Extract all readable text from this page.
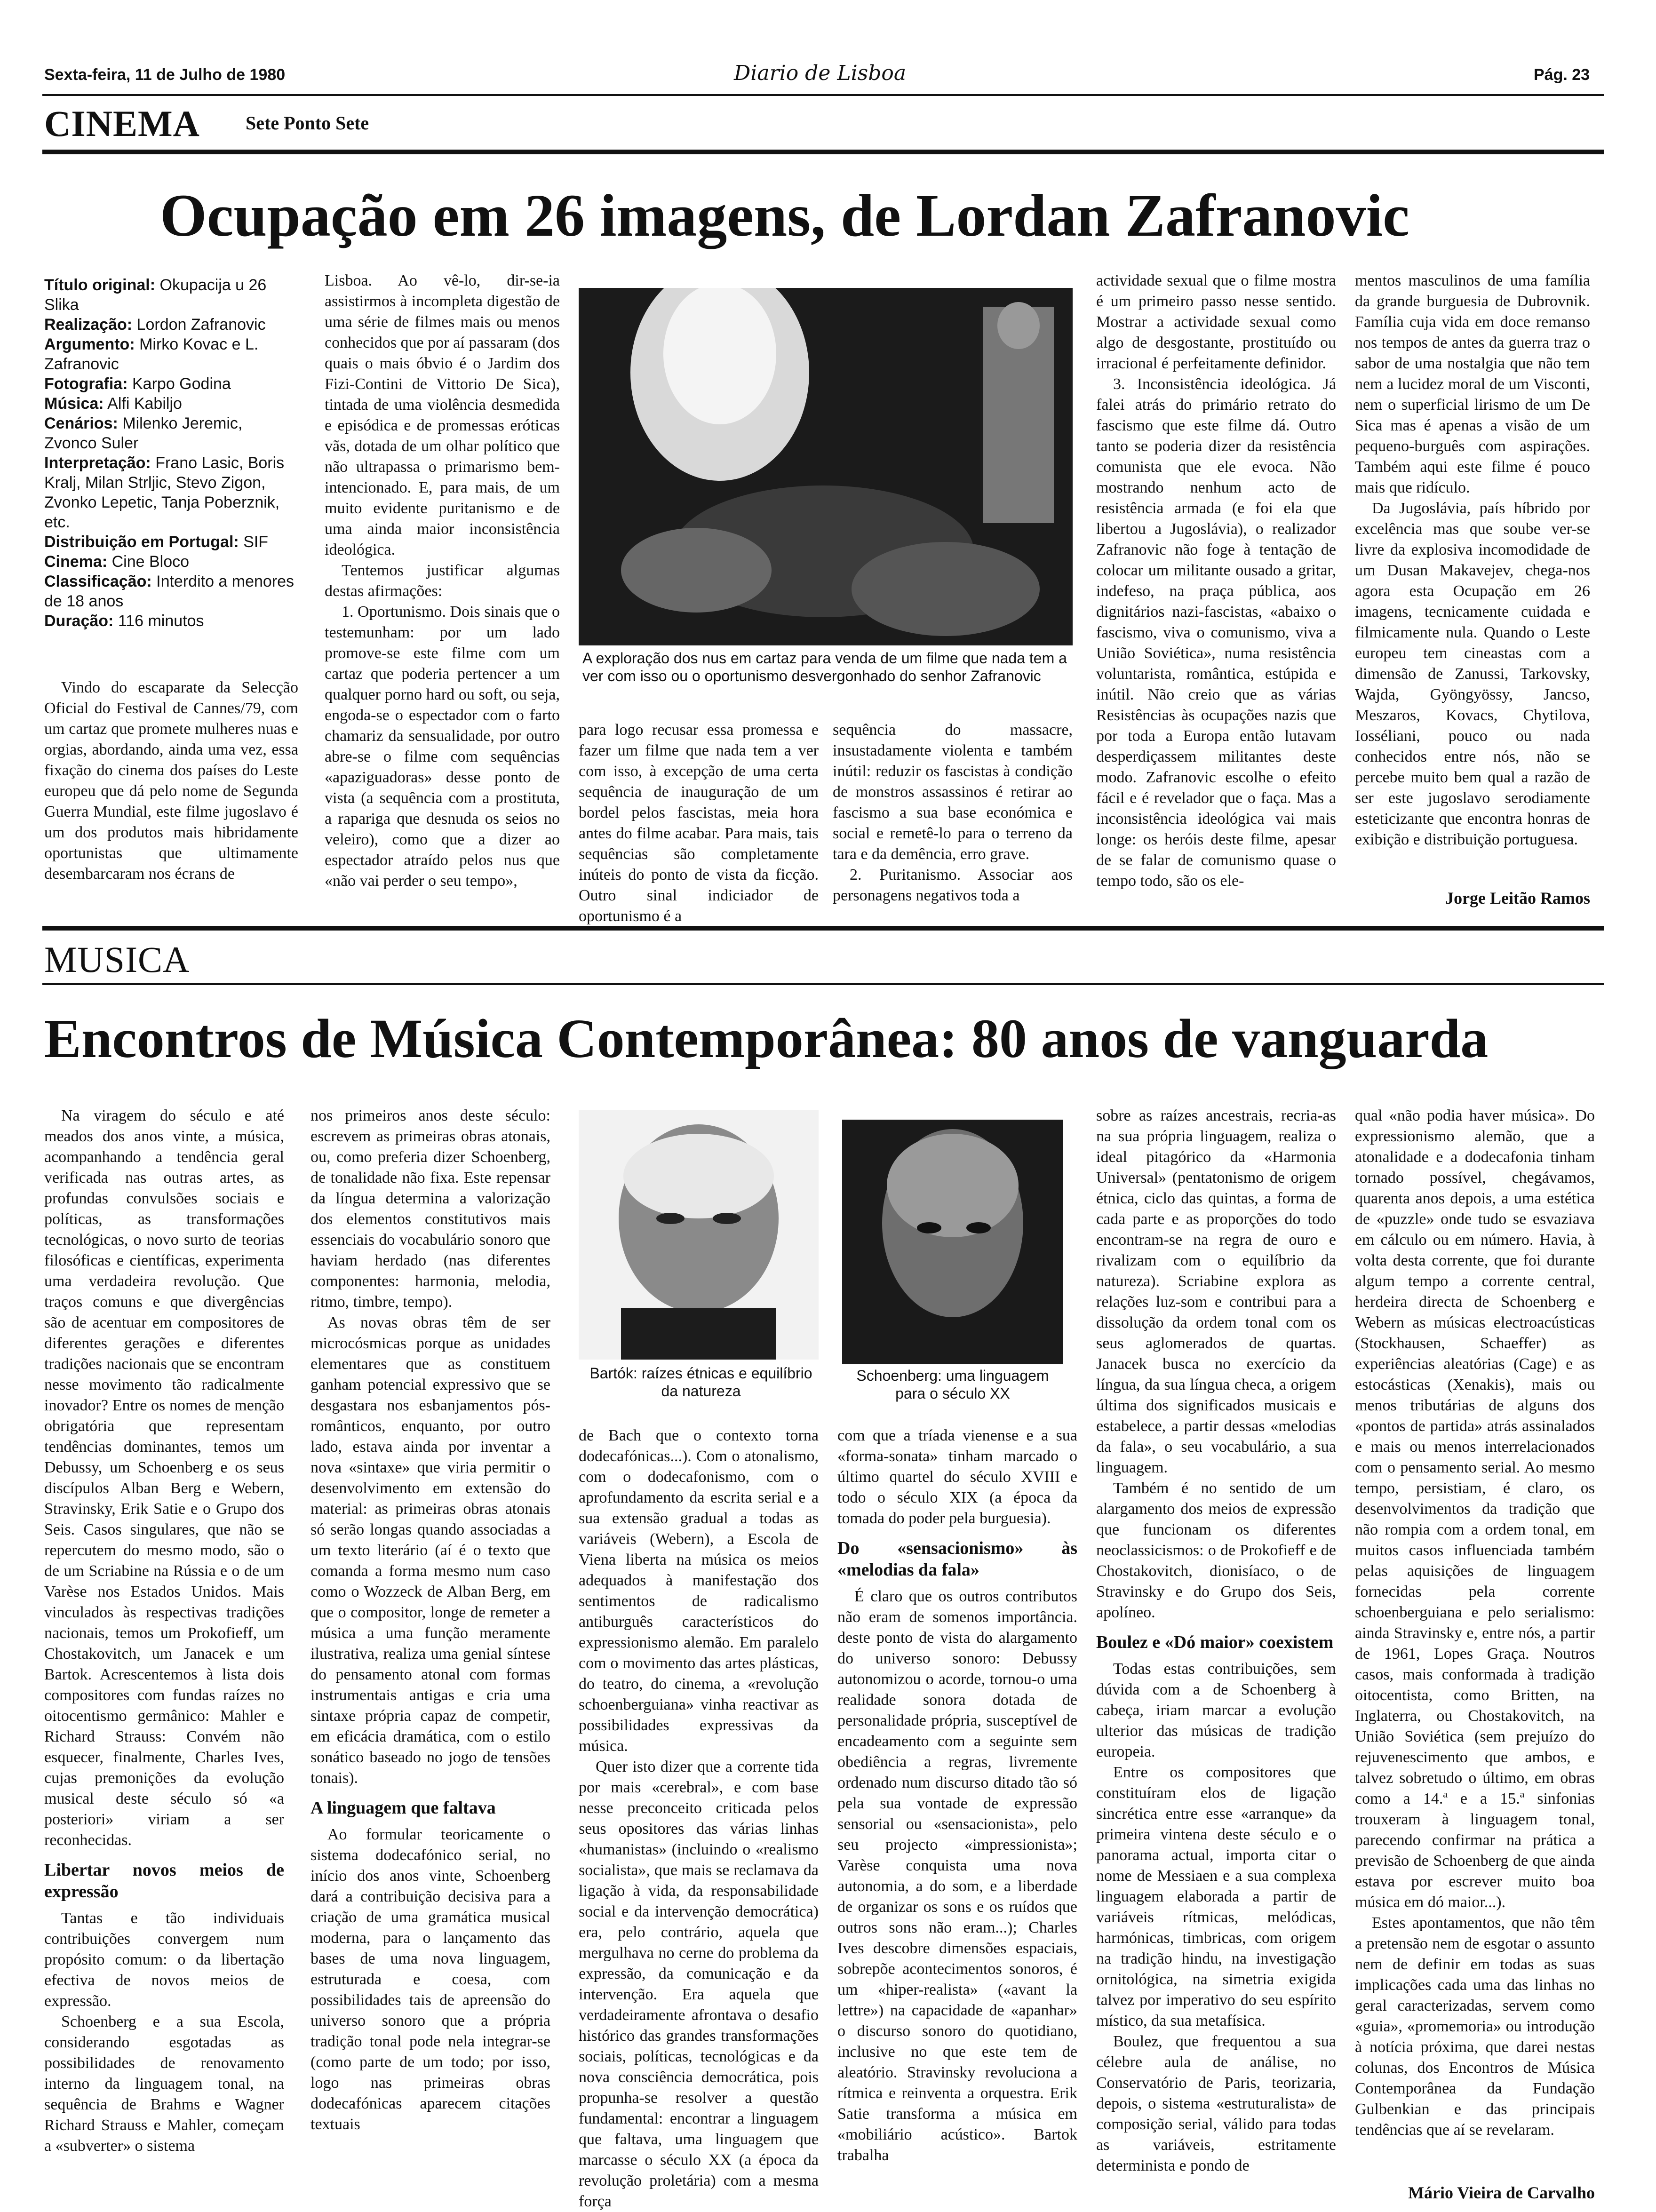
Sexta-feira, 11 de Julho de 1980	Diario de Lisboa	Pág. 23
CINEMA Sete Ponto Sete
Ocupação em 26 imagens, de Lordan Zafranovic
Título original: Okupacija u 26 Slika
Realização: Lordon Zafranovic
Argumento: Mirko Kovac e L. Zafranovic
Fotografia: Karpo Godina
Música: Alfi Kabiljo
Cenários: Milenko Jeremic, Zvonco Suler
Interpretação: Frano Lasic, Boris Kralj, Milan Strljic, Stevo Zigon, Zvonko Lepetic, Tanja Poberznik, etc.
Distribuição em Portugal: SIF
Cinema: Cine Bloco
Classificação: Interdito a menores de 18 anos
Duração: 116 minutos

Vindo do escaparate da Selecção Oficial do Festival de Cannes/79, com um cartaz que promete mulheres nuas e orgias, abordando, ainda uma vez, essa fixação do cinema dos países do Leste europeu que dá pelo nome de Segunda Guerra Mundial, este filme jugoslavo é um dos produtos mais hibridamente oportunistas que ultimamente desembarcaram nos écrans de

Lisboa. Ao vê-lo, dir-se-ia assistirmos à incompleta digestão de uma série de filmes mais ou menos conhecidos que por aí passaram (dos quais o mais óbvio é o Jardim dos Fizi-Contini de Vittorio De Sica), tintada de uma violência desmedida e episódica e de promessas eróticas vãs, dotada de um olhar político que não ultrapassa o primarismo bem-intencionado. E, para mais, de um muito evidente puritanismo e de uma ainda maior inconsistência ideológica.

Tentemos justificar algumas destas afirmações:

1. Oportunismo. Dois sinais que o testemunham: por um lado promove-se este filme com um cartaz que poderia pertencer a um qualquer porno hard ou soft, ou seja, engoda-se o espectador com o farto chamariz da sensualidade, por outro abre-se o filme com sequências «apaziguadoras» desse ponto de vista (a sequência com a prostituta, a rapariga que desnuda os seios no veleiro), como que a dizer ao espectador atraído pelos nus que «não vai perder o seu tempo»,

A exploração dos nus em cartaz para venda de um filme que nada tem a ver com isso ou o oportunismo desvergonhado do senhor Zafranovic

para logo recusar essa promessa e fazer um filme que nada tem a ver com isso, à excepção de uma certa sequência de inauguração de um bordel pelos fascistas, meia hora antes do filme acabar. Para mais, tais sequências são completamente inúteis do ponto de vista da ficção. Outro sinal indiciador de oportunismo é a

sequência do massacre, insustadamente violenta e também inútil: reduzir os fascistas à condição de monstros assassinos é retirar ao fascismo a sua base económica e social e remetê-lo para o terreno da tara e da demência, erro grave.

2. Puritanismo. Associar aos personagens negativos toda a

actividade sexual que o filme mostra é um primeiro passo nesse sentido. Mostrar a actividade sexual como algo de desgostante, prostituído ou irracional é perfeitamente definidor.

3. Inconsistência ideológica. Já falei atrás do primário retrato do fascismo que este filme dá. Outro tanto se poderia dizer da resistência comunista que ele evoca. Não mostrando nenhum acto de resistência armada (e foi ela que libertou a Jugoslávia), o realizador Zafranovic não foge à tentação de colocar um militante ousado a gritar, indefeso, na praça pública, aos dignitários nazi-fascistas, «abaixo o fascismo, viva o comunismo, viva a União Soviética», numa resistência voluntarista, romântica, estúpida e inútil. Não creio que as várias Resistências às ocupações nazis que por toda a Europa então lutavam desperdiçassem militantes deste modo. Zafranovic escolhe o efeito fácil e é revelador que o faça. Mas a inconsistência ideológica vai mais longe: os heróis deste filme, apesar de se falar de comunismo quase o tempo todo, são os ele-

mentos masculinos de uma família da grande burguesia de Dubrovnik. Família cuja vida em doce remanso nos tempos de antes da guerra traz o sabor de uma nostalgia que não tem nem a lucidez moral de um Visconti, nem o superficial lirismo de um De Sica mas é apenas a visão de um pequeno-burguês com aspirações. Também aqui este filme é pouco mais que ridículo.

Da Jugoslávia, país híbrido por excelência mas que soube ver-se livre da explosiva incomodidade de um Dusan Makavejev, chega-nos agora esta Ocupação em 26 imagens, tecnicamente cuidada e filmicamente nula. Quando o Leste europeu tem cineastas com a dimensão de Zanussi, Tarkovsky, Wajda, Gyöngyössy, Jancso, Meszaros, Kovacs, Chytilova, Iosséliani, pouco ou nada conhecidos entre nós, não se percebe muito bem qual a razão de ser este jugoslavo serodiamente esteticizante que encontra honras de exibição e distribuição portuguesa.

Jorge Leitão Ramos
MUSICA
Encontros de Música Contemporânea: 80 anos de vanguarda

Na viragem do século e até meados dos anos vinte, a música, acompanhando a tendência geral verificada nas outras artes, as profundas convulsões sociais e políticas, as transformações tecnológicas, o novo surto de teorias filosóficas e científicas, experimenta uma verdadeira revolução. Que traços comuns e que divergências são de acentuar em compositores de diferentes gerações e diferentes tradições nacionais que se encontram nesse movimento tão radicalmente inovador? Entre os nomes de menção obrigatória que representam tendências dominantes, temos um Debussy, um Schoenberg e os seus discípulos Alban Berg e Webern, Stravinsky, Erik Satie e o Grupo dos Seis. Casos singulares, que não se repercutem do mesmo modo, são o de um Scriabine na Rússia e o de um Varèse nos Estados Unidos. Mais vinculados às respectivas tradições nacionais, temos um Prokofieff, um Chostakovitch, um Janacek e um Bartok. Acrescentemos à lista dois compositores com fundas raízes no oitocentismo germânico: Mahler e Richard Strauss: Convém não esquecer, finalmente, Charles Ives, cujas premonições da evolução musical deste século só «a posteriori» viriam a ser reconhecidas.

Libertar novos meios de expressão

Tantas e tão individuais contribuições convergem num propósito comum: o da libertação efectiva de novos meios de expressão.

Schoenberg e a sua Escola, considerando esgotadas as possibilidades de renovamento interno da linguagem tonal, na sequência de Brahms e Wagner Richard Strauss e Mahler, começam a «subverter» o sistema

nos primeiros anos deste século: escrevem as primeiras obras atonais, ou, como preferia dizer Schoenberg, de tonalidade não fixa. Este repensar da língua determina a valorização dos elementos constitutivos mais essenciais do vocabulário sonoro que haviam herdado (nas diferentes componentes: harmonia, melodia, ritmo, timbre, tempo).

As novas obras têm de ser microcósmicas porque as unidades elementares que as constituem ganham potencial expressivo que se desgastara nos esbanjamentos pós-românticos, enquanto, por outro lado, estava ainda por inventar a nova «sintaxe» que viria permitir o desenvolvimento em extensão do material: as primeiras obras atonais só serão longas quando associadas a um texto literário (aí é o texto que comanda a forma mesmo num caso como o Wozzeck de Alban Berg, em que o compositor, longe de remeter a música a uma função meramente ilustrativa, realiza uma genial síntese do pensamento atonal com formas instrumentais antigas e cria uma sintaxe própria capaz de competir, em eficácia dramática, com o estilo sonático baseado no jogo de tensões tonais).

A linguagem que faltava

Ao formular teoricamente o sistema dodecafónico serial, no início dos anos vinte, Schoenberg dará a contribuição decisiva para a criação de uma gramática musical moderna, para o lançamento das bases de uma nova linguagem, estruturada e coesa, com possibilidades tais de apreensão do universo sonoro que a própria tradição tonal pode nela integrar-se (como parte de um todo; por isso, logo nas primeiras obras dodecafónicas aparecem citações textuais

Bartók: raízes étnicas e equilíbrio da natureza
Schoenberg: uma linguagem para o século XX

de Bach que o contexto torna dodecafónicas...). Com o atonalismo, com o dodecafonismo, com o aprofundamento da escrita serial e a sua extensão gradual a todas as variáveis (Webern), a Escola de Viena liberta na música os meios adequados à manifestação dos sentimentos de radicalismo antiburguês característicos do expressionismo alemão. Em paralelo com o movimento das artes plásticas, do teatro, do cinema, a «revolução schoenberguiana» vinha reactivar as possibilidades expressivas da música.

Quer isto dizer que a corrente tida por mais «cerebral», e com base nesse preconceito criticada pelos seus opositores das várias linhas «humanistas» (incluindo o «realismo socialista», que mais se reclamava da ligação à vida, da responsabilidade social e da intervenção democrática) era, pelo contrário, aquela que mergulhava no cerne do problema da expressão, da comunicação e da intervenção. Era aquela que verdadeiramente afrontava o desafio histórico das grandes transformações sociais, políticas, tecnológicas e da nova consciência democrática, pois propunha-se resolver a questão fundamental: encontrar a linguagem que faltava, uma linguagem que marcasse o século XX (a época da revolução proletária) com a mesma força

com que a tríada vienense e a sua «forma-sonata» tinham marcado o último quartel do século XVIII e todo o século XIX (a época da tomada do poder pela burguesia).

Do «sensacionismo» às «melodias da fala»

É claro que os outros contributos não eram de somenos importância. deste ponto de vista do alargamento do universo sonoro: Debussy autonomizou o acorde, tornou-o uma realidade sonora dotada de personalidade própria, susceptível de encadeamento com a seguinte sem obediência a regras, livremente ordenado num discurso ditado tão só pela sua vontade de expressão sensorial ou «sensacionista», pelo seu projecto «impressionista»; Varèse conquista uma nova autonomia, a do som, e a liberdade de organizar os sons e os ruídos que outros sons não eram...); Charles Ives descobre dimensões espaciais, sobrepõe acontecimentos sonoros, é um «hiper-realista» («avant la lettre») na capacidade de «apanhar» o discurso sonoro do quotidiano, inclusive no que este tem de aleatório. Stravinsky revoluciona a rítmica e reinventa a orquestra. Erik Satie transforma a música em «mobiliário acústico». Bartok trabalha

sobre as raízes ancestrais, recria-as na sua própria linguagem, realiza o ideal pitagórico da «Harmonia Universal» (pentatonismo de origem étnica, ciclo das quintas, a forma de cada parte e as proporções do todo encontram-se na regra de ouro e rivalizam com o equilíbrio da natureza). Scriabine explora as relações luz-som e contribui para a dissolução da ordem tonal com os seus aglomerados de quartas. Janacek busca no exercício da língua, da sua língua checa, a origem última dos significados musicais e estabelece, a partir dessas «melodias da fala», o seu vocabulário, a sua linguagem.

Também é no sentido de um alargamento dos meios de expressão que funcionam os diferentes neoclassicismos: o de Prokofieff e de Chostakovitch, dionisíaco, o de Stravinsky e do Grupo dos Seis, apolíneo.

Boulez e «Dó maior» coexistem

Todas estas contribuições, sem dúvida com a de Schoenberg à cabeça, iriam marcar a evolução ulterior das músicas de tradição europeia.

Entre os compositores que constituíram elos de ligação sincrética entre esse «arranque» da primeira vintena deste século e o panorama actual, importa citar o nome de Messiaen e a sua complexa linguagem elaborada a partir de variáveis rítmicas, melódicas, harmónicas, timbricas, com origem na tradição hindu, na investigação ornitológica, na simetria exigida talvez por imperativo do seu espírito místico, da sua metafísica.

Boulez, que frequentou a sua célebre aula de análise, no Conservatório de Paris, teorizaria, depois, o sistema «estruturalista» de composição serial, válido para todas as variáveis, estritamente determinista e pondo de

qual «não podia haver música». Do expressionismo alemão, que a atonalidade e a dodecafonia tinham tornado possível, chegávamos, quarenta anos depois, a uma estética de «puzzle» onde tudo se esvaziava em cálculo ou em número. Havia, à volta desta corrente, que foi durante algum tempo a corrente central, herdeira directa de Schoenberg e Webern as músicas electroacústicas (Stockhausen, Schaeffer) as experiências aleatórias (Cage) e as estocásticas (Xenakis), mais ou menos tributárias de alguns dos «pontos de partida» atrás assinalados e mais ou menos interrelacionados com o pensamento serial. Ao mesmo tempo, persistiam, é claro, os desenvolvimentos da tradição que não rompia com a ordem tonal, em muitos casos influenciada também pelas aquisições de linguagem fornecidas pela corrente schoenberguiana e pelo serialismo: ainda Stravinsky e, entre nós, a partir de 1961, Lopes Graça. Noutros casos, mais conformada à tradição oitocentista, como Britten, na Inglaterra, ou Chostakovitch, na União Soviética (sem prejuízo do rejuvenescimento que ambos, e talvez sobretudo o último, em obras como a 14.ª e a 15.ª sinfonias trouxeram à linguagem tonal, parecendo confirmar na prática a previsão de Schoenberg de que ainda estava por escrever muito boa música em dó maior...).

Estes apontamentos, que não têm a pretensão nem de esgotar o assunto nem de definir em todas as suas implicações cada uma das linhas no geral caracterizadas, servem como «guia», «promemoria» ou introdução à notícia próxima, que darei nestas colunas, dos Encontros de Música Contemporânea da Fundação Gulbenkian e das principais tendências que aí se revelaram.

Mário Vieira de Carvalho
